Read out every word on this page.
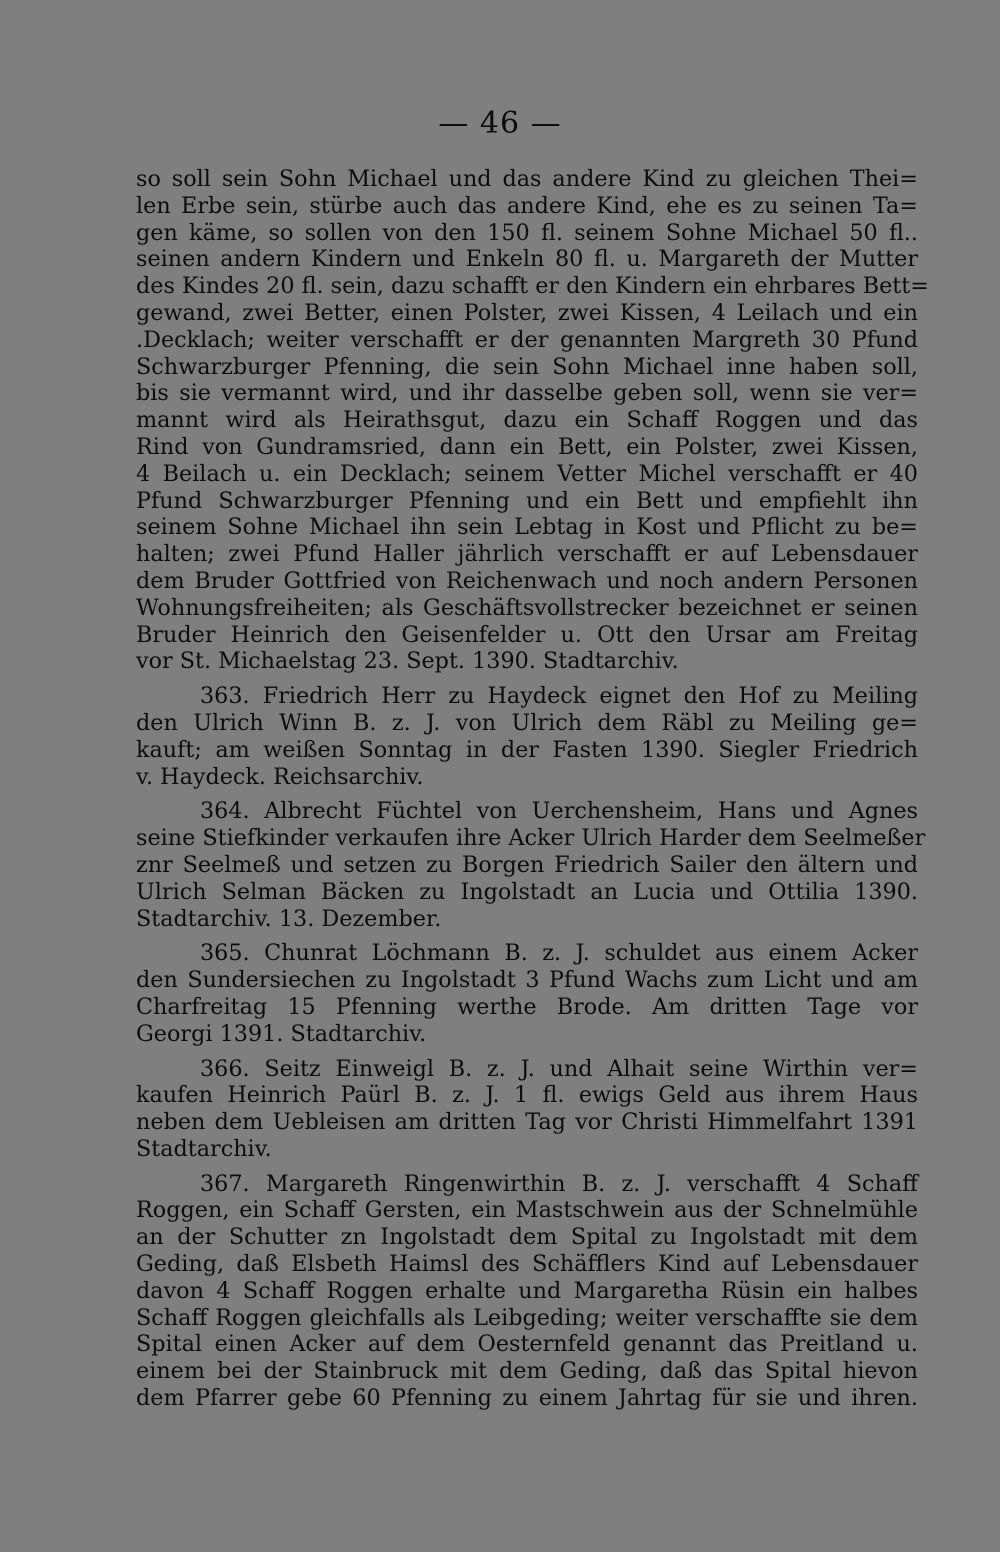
— 46 —
so soll sein Sohn Michael und das andere Kind zu gleichen Thei=
len Erbe sein, stürbe auch das andere Kind, ehe es zu seinen Ta=
gen käme, so sollen von den 150 fl. seinem Sohne Michael 50 fl..
seinen andern Kindern und Enkeln 80 fl. u. Margareth der Mutter
des Kindes 20 fl. sein, dazu schafft er den Kindern ein ehrbares Bett=
gewand, zwei Better, einen Polster, zwei Kissen, 4 Leilach und ein
.Decklach; weiter verschafft er der genannten Margreth 30 Pfund
Schwarzburger Pfenning, die sein Sohn Michael inne haben soll,
bis sie vermannt wird, und ihr dasselbe geben soll, wenn sie ver=
mannt wird als Heirathsgut, dazu ein Schaff Roggen und das
Rind von Gundramsried, dann ein Bett, ein Polster, zwei Kissen,
4 Beilach u. ein Decklach; seinem Vetter Michel verschafft er 40
Pfund Schwarzburger Pfenning und ein Bett und empfiehlt ihn
seinem Sohne Michael ihn sein Lebtag in Kost und Pflicht zu be=
halten; zwei Pfund Haller jährlich verschafft er auf Lebensdauer
dem Bruder Gottfried von Reichenwach und noch andern Personen
Wohnungsfreiheiten; als Geschäftsvollstrecker bezeichnet er seinen
Bruder Heinrich den Geisenfelder u. Ott den Ursar am Freitag
vor St. Michaelstag 23. Sept. 1390. Stadtarchiv.
363. Friedrich Herr zu Haydeck eignet den Hof zu Meiling
den Ulrich Winn B. z. J. von Ulrich dem Räbl zu Meiling ge=
kauft; am weißen Sonntag in der Fasten 1390. Siegler Friedrich
v. Haydeck. Reichsarchiv.
364. Albrecht Füchtel von Uerchensheim, Hans und Agnes
seine Stiefkinder verkaufen ihre Acker Ulrich Harder dem Seelmeßer
znr Seelmeß und setzen zu Borgen Friedrich Sailer den ältern und
Ulrich Selman Bäcken zu Ingolstadt an Lucia und Ottilia 1390.
Stadtarchiv. 13. Dezember.
365. Chunrat Löchmann B. z. J. schuldet aus einem Acker
den Sundersiechen zu Ingolstadt 3 Pfund Wachs zum Licht und am
Charfreitag 15 Pfenning werthe Brode. Am dritten Tage vor
Georgi 1391. Stadtarchiv.
366. Seitz Einweigl B. z. J. und Alhait seine Wirthin ver=
kaufen Heinrich Paürl B. z. J. 1 fl. ewigs Geld aus ihrem Haus
neben dem Uebleisen am dritten Tag vor Christi Himmelfahrt 1391
Stadtarchiv.
367. Margareth Ringenwirthin B. z. J. verschafft 4 Schaff
Roggen, ein Schaff Gersten, ein Mastschwein aus der Schnelmühle
an der Schutter zn Ingolstadt dem Spital zu Ingolstadt mit dem
Geding, daß Elsbeth Haimsl des Schäfflers Kind auf Lebensdauer
davon 4 Schaff Roggen erhalte und Margaretha Rüsin ein halbes
Schaff Roggen gleichfalls als Leibgeding; weiter verschaffte sie dem
Spital einen Acker auf dem Oesternfeld genannt das Preitland u.
einem bei der Stainbruck mit dem Geding, daß das Spital hievon
dem Pfarrer gebe 60 Pfenning zu einem Jahrtag für sie und ihren.
